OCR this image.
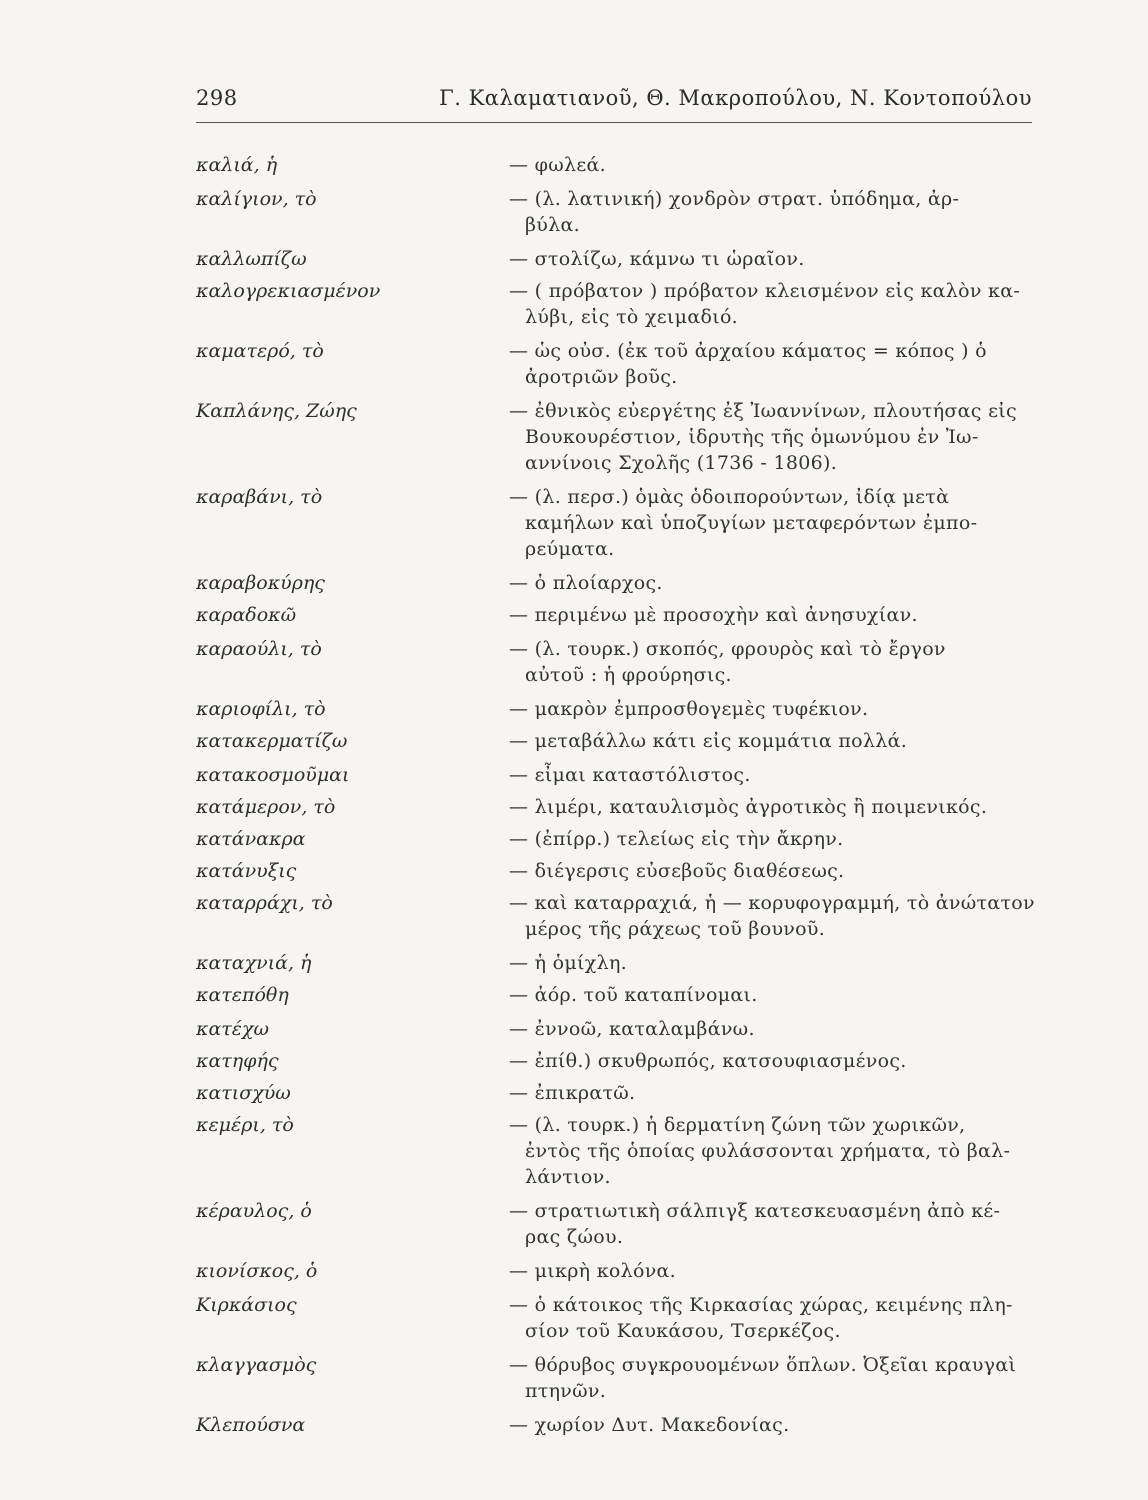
298	Γ. Καλαματιανοῦ, Θ. Μακροπούλου, Ν. Κοντοπούλου
καλιά, ἡ	— φωλεά.
καλίγιον, τὸ	— (λ. λατινική) χονδρὸν στρατ. ὑπόδημα, ἀρ-
βύλα.
καλλωπίζω	— στολίζω, κάμνω τι ὡραῖον.
καλογρεκιασμένον	— ( πρόβατον ) πρόβατον κλεισμένον εἰς καλὸν κα-
λύβι, εἰς τὸ χειμαδιό.
καματερό, τὸ	— ὡς οὐσ. (ἐκ τοῦ ἀρχαίου κάματος = κόπος ) ὁ
ἀροτριῶν βοῦς.
Καπλάνης, Ζώης	— ἐθνικὸς εὐεργέτης ἐξ Ἰωαννίνων, πλουτήσας εἰς
Βουκουρέστιον, ἱδρυτὴς τῆς ὁμωνύμου ἐν Ἰω-
αννίνοις Σχολῆς (1736 - 1806).
καραβάνι, τὸ	— (λ. περσ.) ὁμὰς ὁδοιπορούντων, ἰδίᾳ μετὰ
καμήλων καὶ ὑποζυγίων μεταφερόντων ἐμπο-
ρεύματα.
καραβοκύρης	— ὁ πλοίαρχος.
καραδοκῶ	— περιμένω μὲ προσοχὴν καὶ ἀνησυχίαν.
καραούλι, τὸ	— (λ. τουρκ.) σκοπός, φρουρὸς καὶ τὸ ἔργον
αὐτοῦ : ἡ φρούρησις.
καριοφίλι, τὸ	— μακρὸν ἐμπροσθογεμὲς τυφέκιον.
κατακερματίζω	— μεταβάλλω κάτι εἰς κομμάτια πολλά.
κατακοσμοῦμαι	— εἶμαι καταστόλιστος.
κατάμερον, τὸ	— λιμέρι, καταυλισμὸς ἀγροτικὸς ἢ ποιμενικός.
κατάνακρα	— (ἐπίρρ.) τελείως εἰς τὴν ἄκρην.
κατάνυξις	— διέγερσις εὐσεβοῦς διαθέσεως.
καταρράχι, τὸ	— καὶ καταρραχιά, ἡ — κορυφογραμμή, τὸ ἀνώτατον
μέρος τῆς ράχεως τοῦ βουνοῦ.
καταχνιά, ἡ	— ἡ ὁμίχλη.
κατεπόθη	— ἀόρ. τοῦ καταπίνομαι.
κατέχω	— ἐννοῶ, καταλαμβάνω.
κατηφής	— ἐπίθ.) σκυθρωπός, κατσουφιασμένος.
κατισχύω	— ἐπικρατῶ.
κεμέρι, τὸ	— (λ. τουρκ.) ἡ δερματίνη ζώνη τῶν χωρικῶν,
ἐντὸς τῆς ὁποίας φυλάσσονται χρήματα, τὸ βαλ-
λάντιον.
κέραυλος, ὁ	— στρατιωτικὴ σάλπιγξ κατεσκευασμένη ἀπὸ κέ-
ρας ζώου.
κιονίσκος, ὁ	— μικρὴ κολόνα.
Κιρκάσιος	— ὁ κάτοικος τῆς Κιρκασίας χώρας, κειμένης πλη-
σίον τοῦ Καυκάσου, Τσερκέζος.
κλαγγασμὸς	— θόρυβος συγκρουομένων ὅπλων. Ὀξεῖαι κραυγαὶ
πτηνῶν.
Κλεπούσνα	— χωρίον Δυτ. Μακεδονίας.
